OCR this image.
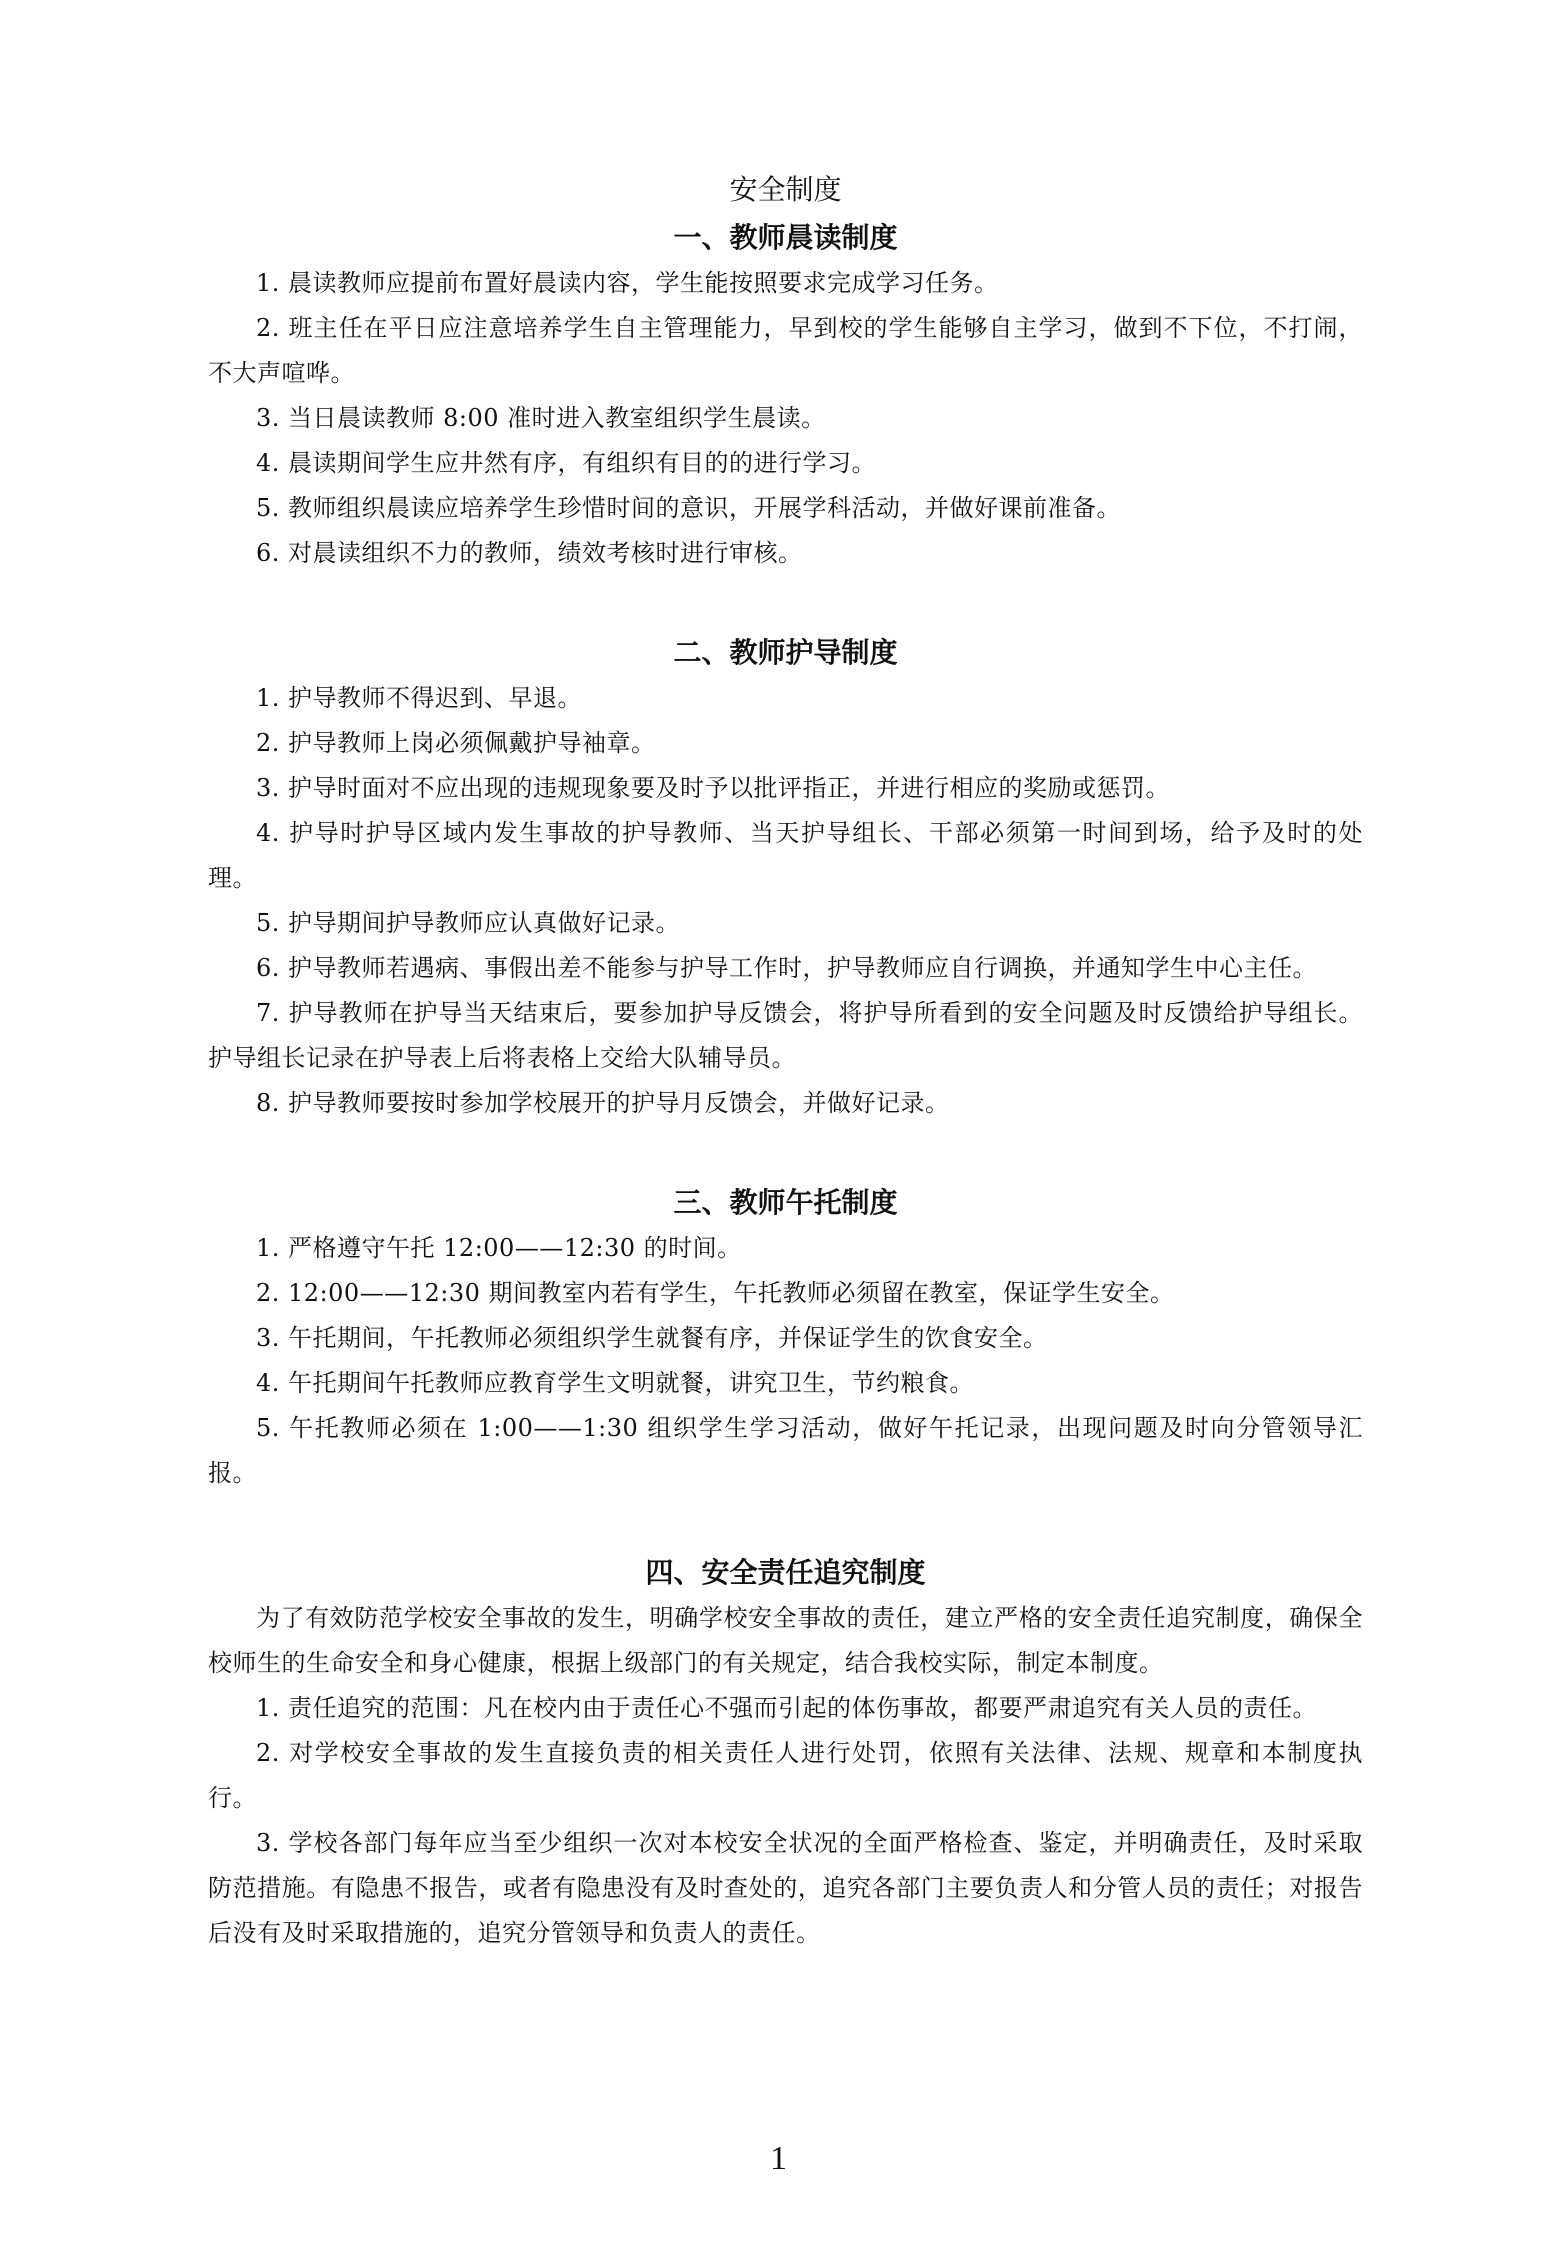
安全制度
一、教师晨读制度

1. 晨读教师应提前布置好晨读内容，学生能按照要求完成学习任务。

2. 班主任在平日应注意培养学生自主管理能力，早到校的学生能够自主学习，做到不下位，不打闹，不大声喧哗。

3. 当日晨读教师 8:00 准时进入教室组织学生晨读。

4. 晨读期间学生应井然有序，有组织有目的的进行学习。

5. 教师组织晨读应培养学生珍惜时间的意识，开展学科活动，并做好课前准备。

6. 对晨读组织不力的教师，绩效考核时进行审核。

二、教师护导制度

1. 护导教师不得迟到、早退。

2. 护导教师上岗必须佩戴护导袖章。

3. 护导时面对不应出现的违规现象要及时予以批评指正，并进行相应的奖励或惩罚。

4. 护导时护导区域内发生事故的护导教师、当天护导组长、干部必须第一时间到场，给予及时的处理。

5. 护导期间护导教师应认真做好记录。

6. 护导教师若遇病、事假出差不能参与护导工作时，护导教师应自行调换，并通知学生中心主任。

7. 护导教师在护导当天结束后，要参加护导反馈会，将护导所看到的安全问题及时反馈给护导组长。护导组长记录在护导表上后将表格上交给大队辅导员。

8. 护导教师要按时参加学校展开的护导月反馈会，并做好记录。

三、教师午托制度

1. 严格遵守午托 12:00——12:30 的时间。

2. 12:00——12:30 期间教室内若有学生，午托教师必须留在教室，保证学生安全。

3. 午托期间，午托教师必须组织学生就餐有序，并保证学生的饮食安全。

4. 午托期间午托教师应教育学生文明就餐，讲究卫生，节约粮食。

5. 午托教师必须在 1:00——1:30 组织学生学习活动，做好午托记录，出现问题及时向分管领导汇报。

四、安全责任追究制度

为了有效防范学校安全事故的发生，明确学校安全事故的责任，建立严格的安全责任追究制度，确保全校师生的生命安全和身心健康，根据上级部门的有关规定，结合我校实际，制定本制度。

1. 责任追究的范围：凡在校内由于责任心不强而引起的体伤事故，都要严肃追究有关人员的责任。

2. 对学校安全事故的发生直接负责的相关责任人进行处罚，依照有关法律、法规、规章和本制度执行。

3. 学校各部门每年应当至少组织一次对本校安全状况的全面严格检查、鉴定，并明确责任，及时采取防范措施。有隐患不报告，或者有隐患没有及时查处的，追究各部门主要负责人和分管人员的责任；对报告后没有及时采取措施的，追究分管领导和负责人的责任。

1
